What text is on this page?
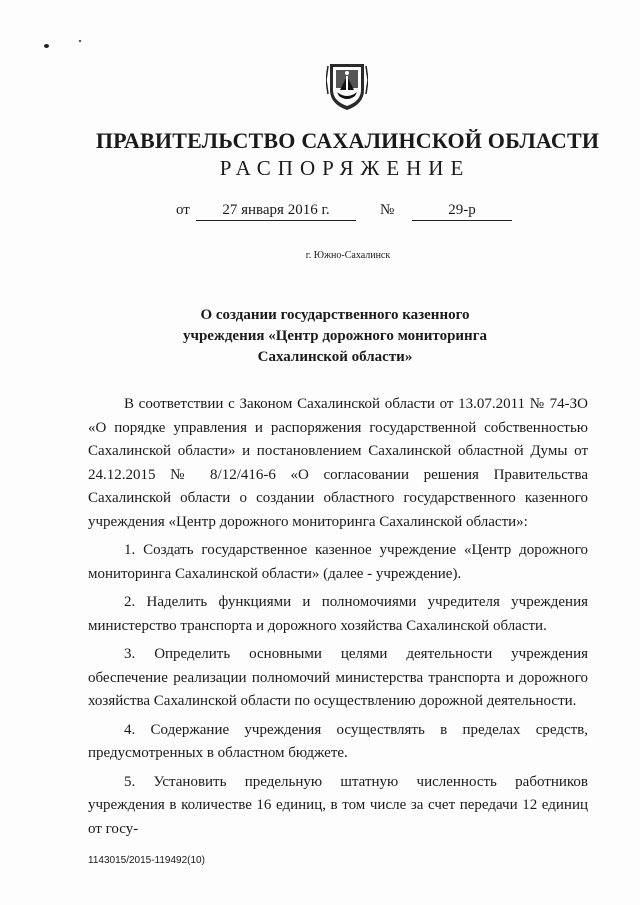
ПРАВИТЕЛЬСТВО САХАЛИНСКОЙ ОБЛАСТИ
РАСПОРЯЖЕНИЕ
от	27 января 2016 г.	№	29-р
г. Южно-Сахалинск
О создании государственного казенного
учреждения «Центр дорожного мониторинга
Сахалинской области»

В соответствии с Законом Сахалинской области от 13.07.2011 № 74-ЗО «О порядке управления и распоряжения государственной собственностью Сахалинской области» и постановлением Сахалинской областной Думы от 24.12.2015 № 8/12/416-6 «О согласовании решения Правительства Сахалинской области о создании областного государственного казенного учреждения «Центр дорожного мониторинга Сахалинской области»:

1. Создать государственное казенное учреждение «Центр дорожного мониторинга Сахалинской области» (далее - учреждение).

2. Наделить функциями и полномочиями учредителя учреждения министерство транспорта и дорожного хозяйства Сахалинской области.

3. Определить основными целями деятельности учреждения обеспечение реализации полномочий министерства транспорта и дорожного хозяйства Сахалинской области по осуществлению дорожной деятельности.

4. Содержание учреждения осуществлять в пределах средств, предусмотренных в областном бюджете.

5. Установить предельную штатную численность работников учреждения в количестве 16 единиц, в том числе за счет передачи 12 единиц от госу-

1143015/2015-119492(10)
